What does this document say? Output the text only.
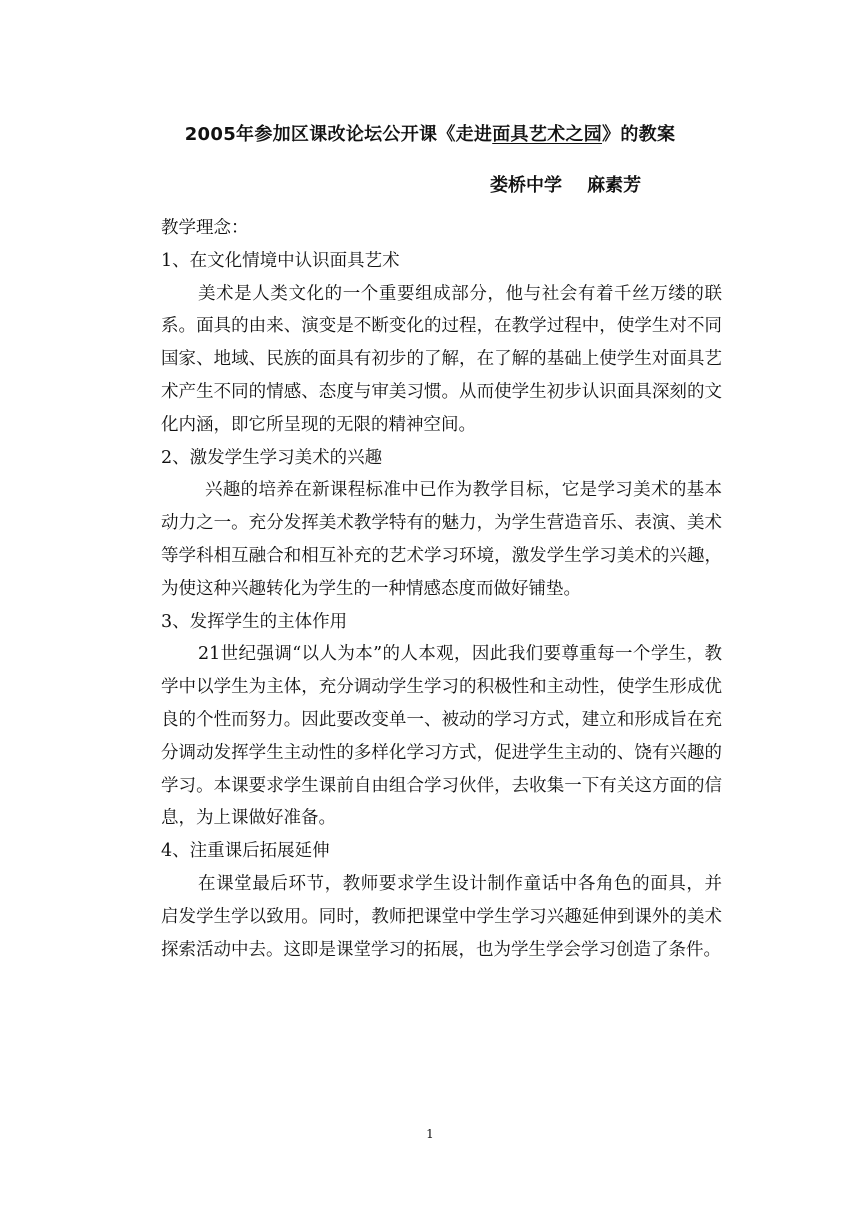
2005年参加区课改论坛公开课《走进面具艺术之园》的教案
娄桥中学    麻素芳

教学理念：

1、在文化情境中认识面具艺术

美术是人类文化的一个重要组成部分，他与社会有着千丝万缕的联系。面具的由来、演变是不断变化的过程，在教学过程中，使学生对不同国家、地域、民族的面具有初步的了解，在了解的基础上使学生对面具艺术产生不同的情感、态度与审美习惯。从而使学生初步认识面具深刻的文化内涵，即它所呈现的无限的精神空间。

2、激发学生学习美术的兴趣

兴趣的培养在新课程标准中已作为教学目标，它是学习美术的基本动力之一。充分发挥美术教学特有的魅力，为学生营造音乐、表演、美术等学科相互融合和相互补充的艺术学习环境，激发学生学习美术的兴趣，为使这种兴趣转化为学生的一种情感态度而做好铺垫。

3、发挥学生的主体作用

21世纪强调“以人为本”的人本观，因此我们要尊重每一个学生，教学中以学生为主体，充分调动学生学习的积极性和主动性，使学生形成优良的个性而努力。因此要改变单一、被动的学习方式，建立和形成旨在充分调动发挥学生主动性的多样化学习方式，促进学生主动的、饶有兴趣的学习。本课要求学生课前自由组合学习伙伴，去收集一下有关这方面的信息，为上课做好准备。

4、注重课后拓展延伸

在课堂最后环节，教师要求学生设计制作童话中各角色的面具，并启发学生学以致用。同时，教师把课堂中学生学习兴趣延伸到课外的美术探索活动中去。这即是课堂学习的拓展，也为学生学会学习创造了条件。

1
